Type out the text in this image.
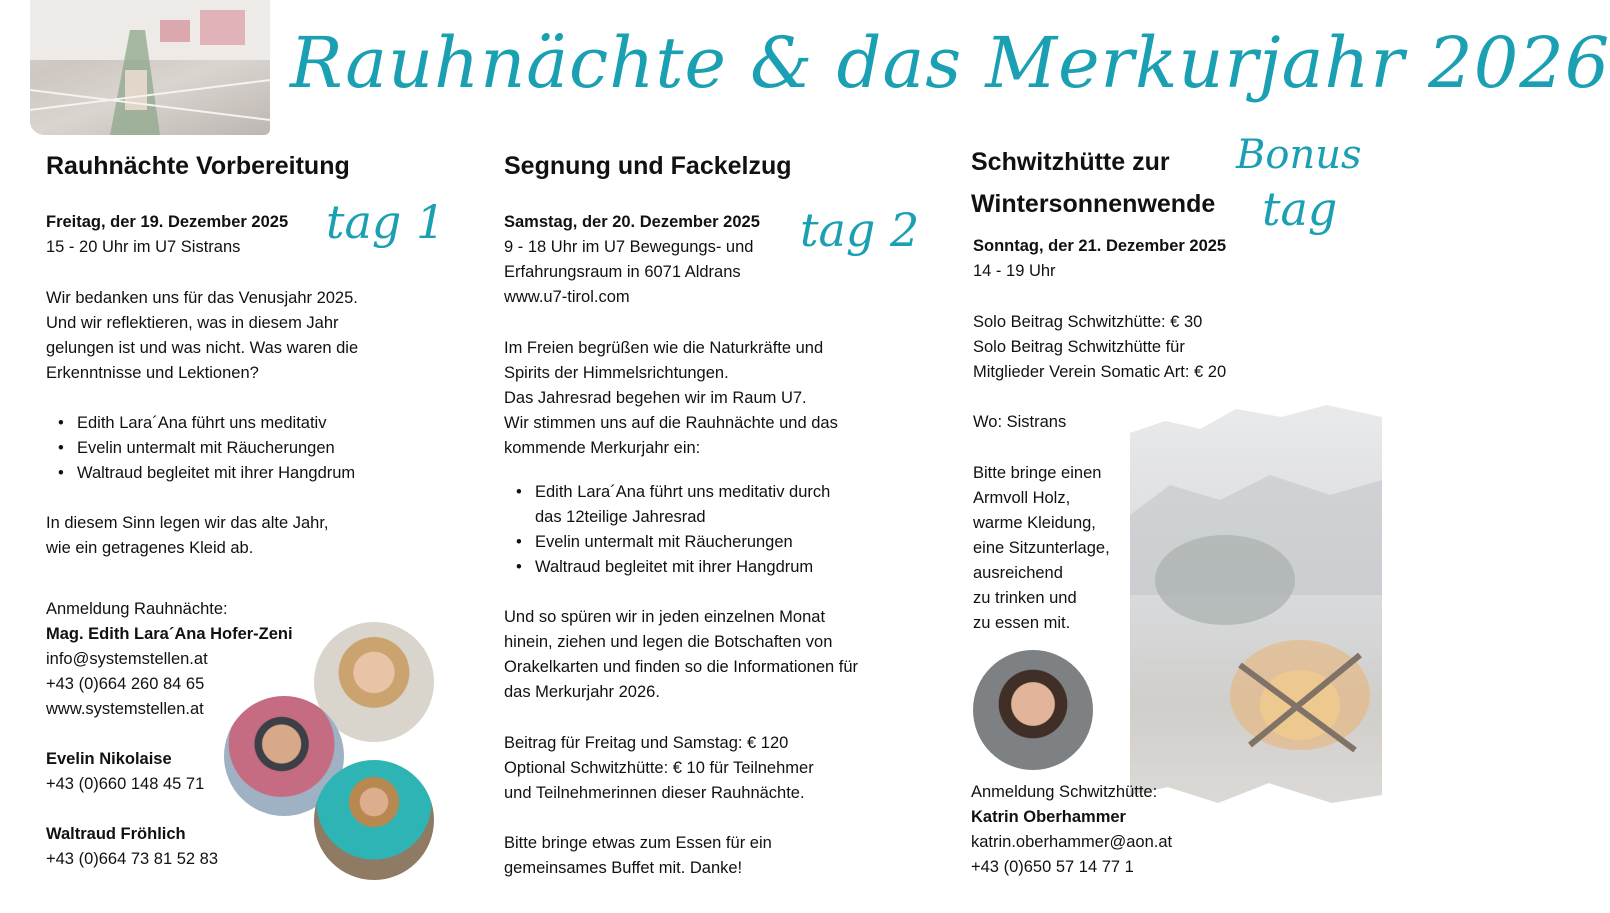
Rauhnächte & das Merkurjahr 2026
Rauhnächte Vorbereitung
tag 1

Freitag, der 19. Dezember 2025

15 - 20 Uhr im U7 Sistrans

Wir bedanken uns für das Venusjahr 2025.

Und wir reflektieren, was in diesem Jahr

gelungen ist und was nicht. Was waren die

Erkenntnisse und Lektionen?

• Edith Lara´Ana führt uns meditativ
• Evelin untermalt mit Räucherungen
• Waltraud begleitet mit ihrer Hangdrum

In diesem Sinn legen wir das alte Jahr,

wie ein getragenes Kleid ab.

Anmeldung Rauhnächte:

Mag. Edith Lara´Ana Hofer-Zeni

info@systemstellen.at

+43 (0)664 260 84 65

www.systemstellen.at

Evelin Nikolaise

+43 (0)660 148 45 71

Waltraud Fröhlich

+43 (0)664 73 81 52 83

Segnung und Fackelzug
tag 2

Samstag, der 20. Dezember 2025

9 - 18 Uhr im U7 Bewegungs- und

Erfahrungsraum in 6071 Aldrans

www.u7-tirol.com

Im Freien begrüßen wie die Naturkräfte und

Spirits der Himmelsrichtungen.

Das Jahresrad begehen wir im Raum U7.

Wir stimmen uns auf die Rauhnächte und das

kommende Merkurjahr ein:

• Edith Lara´Ana führt uns meditativ durch
das 12teilige Jahresrad
• Evelin untermalt mit Räucherungen
• Waltraud begleitet mit ihrer Hangdrum

Und so spüren wir in jeden einzelnen Monat

hinein, ziehen und legen die Botschaften von

Orakelkarten und finden so die Informationen für

das Merkurjahr 2026.

Beitrag für Freitag und Samstag: € 120

Optional Schwitzhütte: € 10 für Teilnehmer

und Teilnehmerinnen dieser Rauhnächte.

Bitte bringe etwas zum Essen für ein

gemeinsames Buffet mit. Danke!

Schwitzhütte zur
Wintersonnenwende
Bonus
tag

Sonntag, der 21. Dezember 2025

14 - 19 Uhr

Solo Beitrag Schwitzhütte: € 30

Solo Beitrag Schwitzhütte für

Mitglieder Verein Somatic Art: € 20

Wo: Sistrans

Bitte bringe einen

Armvoll Holz,

warme Kleidung,

eine Sitzunterlage,

ausreichend

zu trinken und

zu essen mit.

Anmeldung Schwitzhütte:

Katrin Oberhammer

katrin.oberhammer@aon.at

+43 (0)650 57 14 77 1
